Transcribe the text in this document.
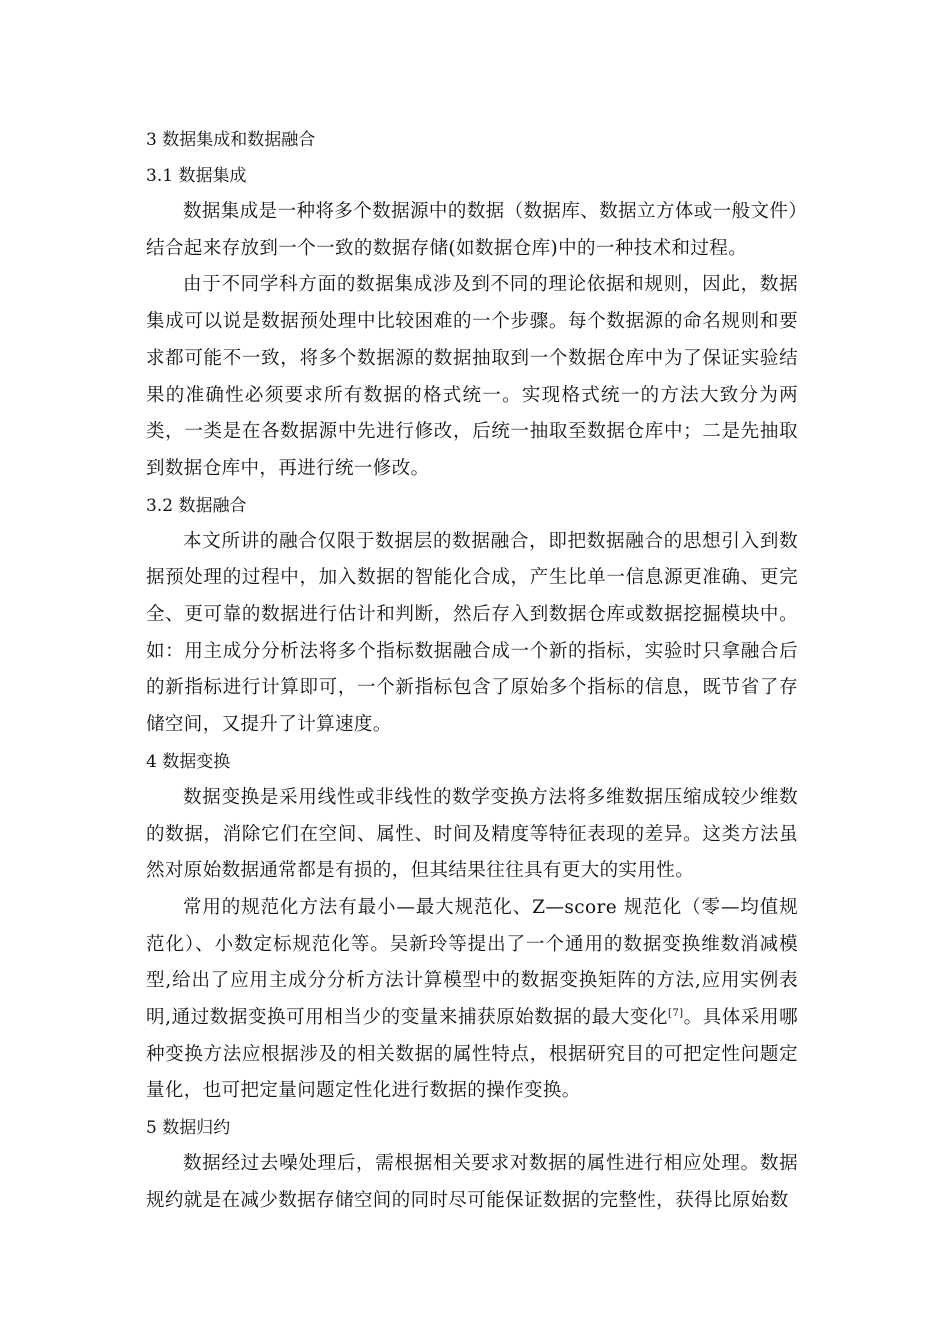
3 数据集成和数据融合
3.1 数据集成

数据集成是一种将多个数据源中的数据（数据库、数据立方体或一般文件）结合起来存放到一个一致的数据存储(如数据仓库)中的一种技术和过程。

由于不同学科方面的数据集成涉及到不同的理论依据和规则，因此，数据集成可以说是数据预处理中比较困难的一个步骤。每个数据源的命名规则和要求都可能不一致，将多个数据源的数据抽取到一个数据仓库中为了保证实验结果的准确性必须要求所有数据的格式统一。实现格式统一的方法大致分为两类，一类是在各数据源中先进行修改，后统一抽取至数据仓库中；二是先抽取到数据仓库中，再进行统一修改。

3.2 数据融合

本文所讲的融合仅限于数据层的数据融合，即把数据融合的思想引入到数据预处理的过程中，加入数据的智能化合成，产生比单一信息源更准确、更完全、更可靠的数据进行估计和判断，然后存入到数据仓库或数据挖掘模块中。如：用主成分分析法将多个指标数据融合成一个新的指标，实验时只拿融合后的新指标进行计算即可，一个新指标包含了原始多个指标的信息，既节省了存储空间，又提升了计算速度。

4 数据变换

数据变换是采用线性或非线性的数学变换方法将多维数据压缩成较少维数的数据，消除它们在空间、属性、时间及精度等特征表现的差异。这类方法虽然对原始数据通常都是有损的，但其结果往往具有更大的实用性。

常用的规范化方法有最小—最大规范化、Z—score 规范化（零—均值规范化）、小数定标规范化等。吴新玲等提出了一个通用的数据变换维数消减模型,给出了应用主成分分析方法计算模型中的数据变换矩阵的方法,应用实例表明,通过数据变换可用相当少的变量来捕获原始数据的最大变化[7]。具体采用哪种变换方法应根据涉及的相关数据的属性特点，根据研究目的可把定性问题定量化，也可把定量问题定性化进行数据的操作变换。

5 数据归约

数据经过去噪处理后，需根据相关要求对数据的属性进行相应处理。数据规约就是在减少数据存储空间的同时尽可能保证数据的完整性，获得比原始数
